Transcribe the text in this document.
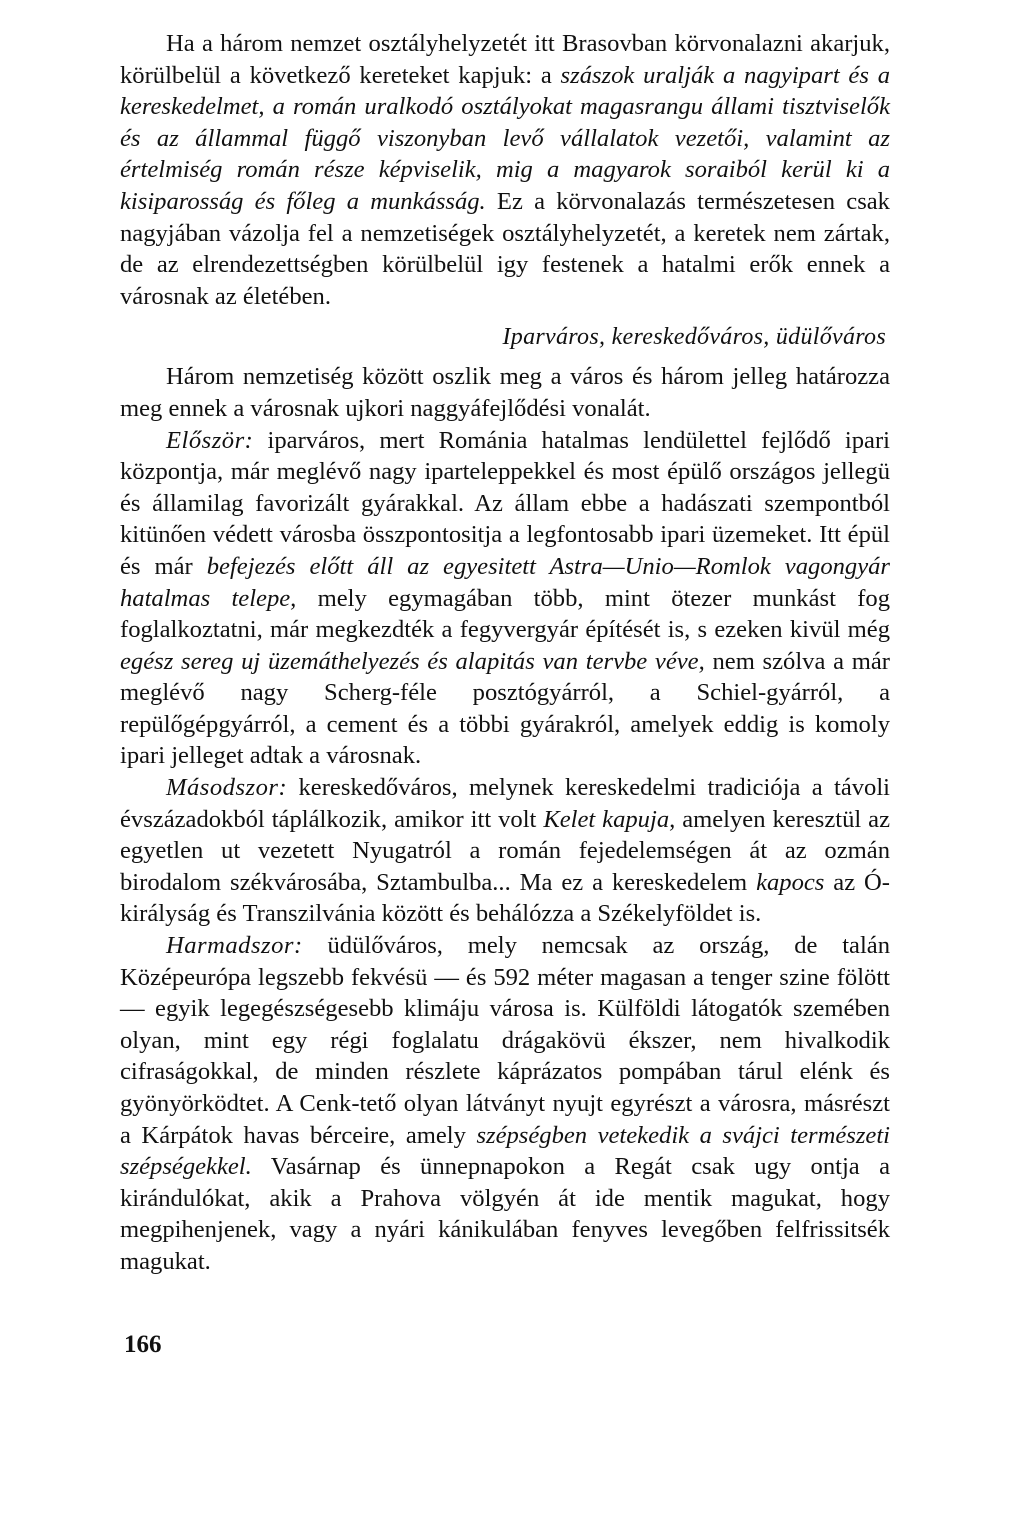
Ha a három nemzet osztályhelyzetét itt Brasovban körvonalazni akarjuk, körülbelül a következő kereteket kapjuk: a szászok uralják a nagyipart és a kereskedelmet, a román uralkodó osztályokat magasrangu állami tisztviselők és az állammal függő viszonyban levő vállalatok vezetői, valamint az értelmiség román része képviselik, mig a magyarok soraiból kerül ki a kisiparosság és főleg a munkásság. Ez a körvonalazás természetesen csak nagyjában vázolja fel a nemzetiségek osztályhelyzetét, a keretek nem zártak, de az elrendezettségben körülbelül igy festenek a hatalmi erők ennek a városnak az életében.

Iparváros, kereskedőváros, üdülőváros

Három nemzetiség között oszlik meg a város és három jelleg határozza meg ennek a városnak ujkori naggyáfejlődési vonalát.

Először: iparváros, mert Románia hatalmas lendülettel fejlődő ipari központja, már meglévő nagy iparteleppekkel és most épülő országos jellegü és államilag favorizált gyárakkal. Az állam ebbe a hadászati szempontból kitünően védett városba összpontositja a legfontosabb ipari üzemeket. Itt épül és már befejezés előtt áll az egyesitett Astra—Unio—Romlok vagongyár hatalmas telepe, mely egymagában több, mint ötezer munkást fog foglalkoztatni, már megkezdték a fegyvergyár építését is, s ezeken kivül még egész sereg uj üzemáthelyezés és alapitás van tervbe véve, nem szólva a már meglévő nagy Scherg-féle posztógyárról, a Schiel-gyárról, a repülőgépgyárról, a cement és a többi gyárakról, amelyek eddig is komoly ipari jelleget adtak a városnak.

Másodszor: kereskedőváros, melynek kereskedelmi tradiciója a távoli évszázadokból táplálkozik, amikor itt volt Kelet kapuja, amelyen keresztül az egyetlen ut vezetett Nyugatról a román fejedelemségen át az ozmán birodalom székvárosába, Sztambulba... Ma ez a kereskedelem kapocs az Ó-királyság és Transzilvánia között és behálózza a Székelyföldet is.

Harmadszor: üdülőváros, mely nemcsak az ország, de talán Középeurópa legszebb fekvésü — és 592 méter magasan a tenger szine fölött — egyik legegészségesebb klimáju városa is. Külföldi látogatók szemében olyan, mint egy régi foglalatu drágakövü ékszer, nem hivalkodik cifraságokkal, de minden részlete káprázatos pompában tárul elénk és gyönyörködtet. A Cenk-tető olyan látványt nyujt egyrészt a városra, másrészt a Kárpátok havas bérceire, amely szépségben vetekedik a svájci természeti szépségekkel. Vasárnap és ünnepnapokon a Regát csak ugy ontja a kirándulókat, akik a Prahova völgyén át ide mentik magukat, hogy megpihenjenek, vagy a nyári kánikulában fenyves levegőben felfrissitsék magukat.

166
